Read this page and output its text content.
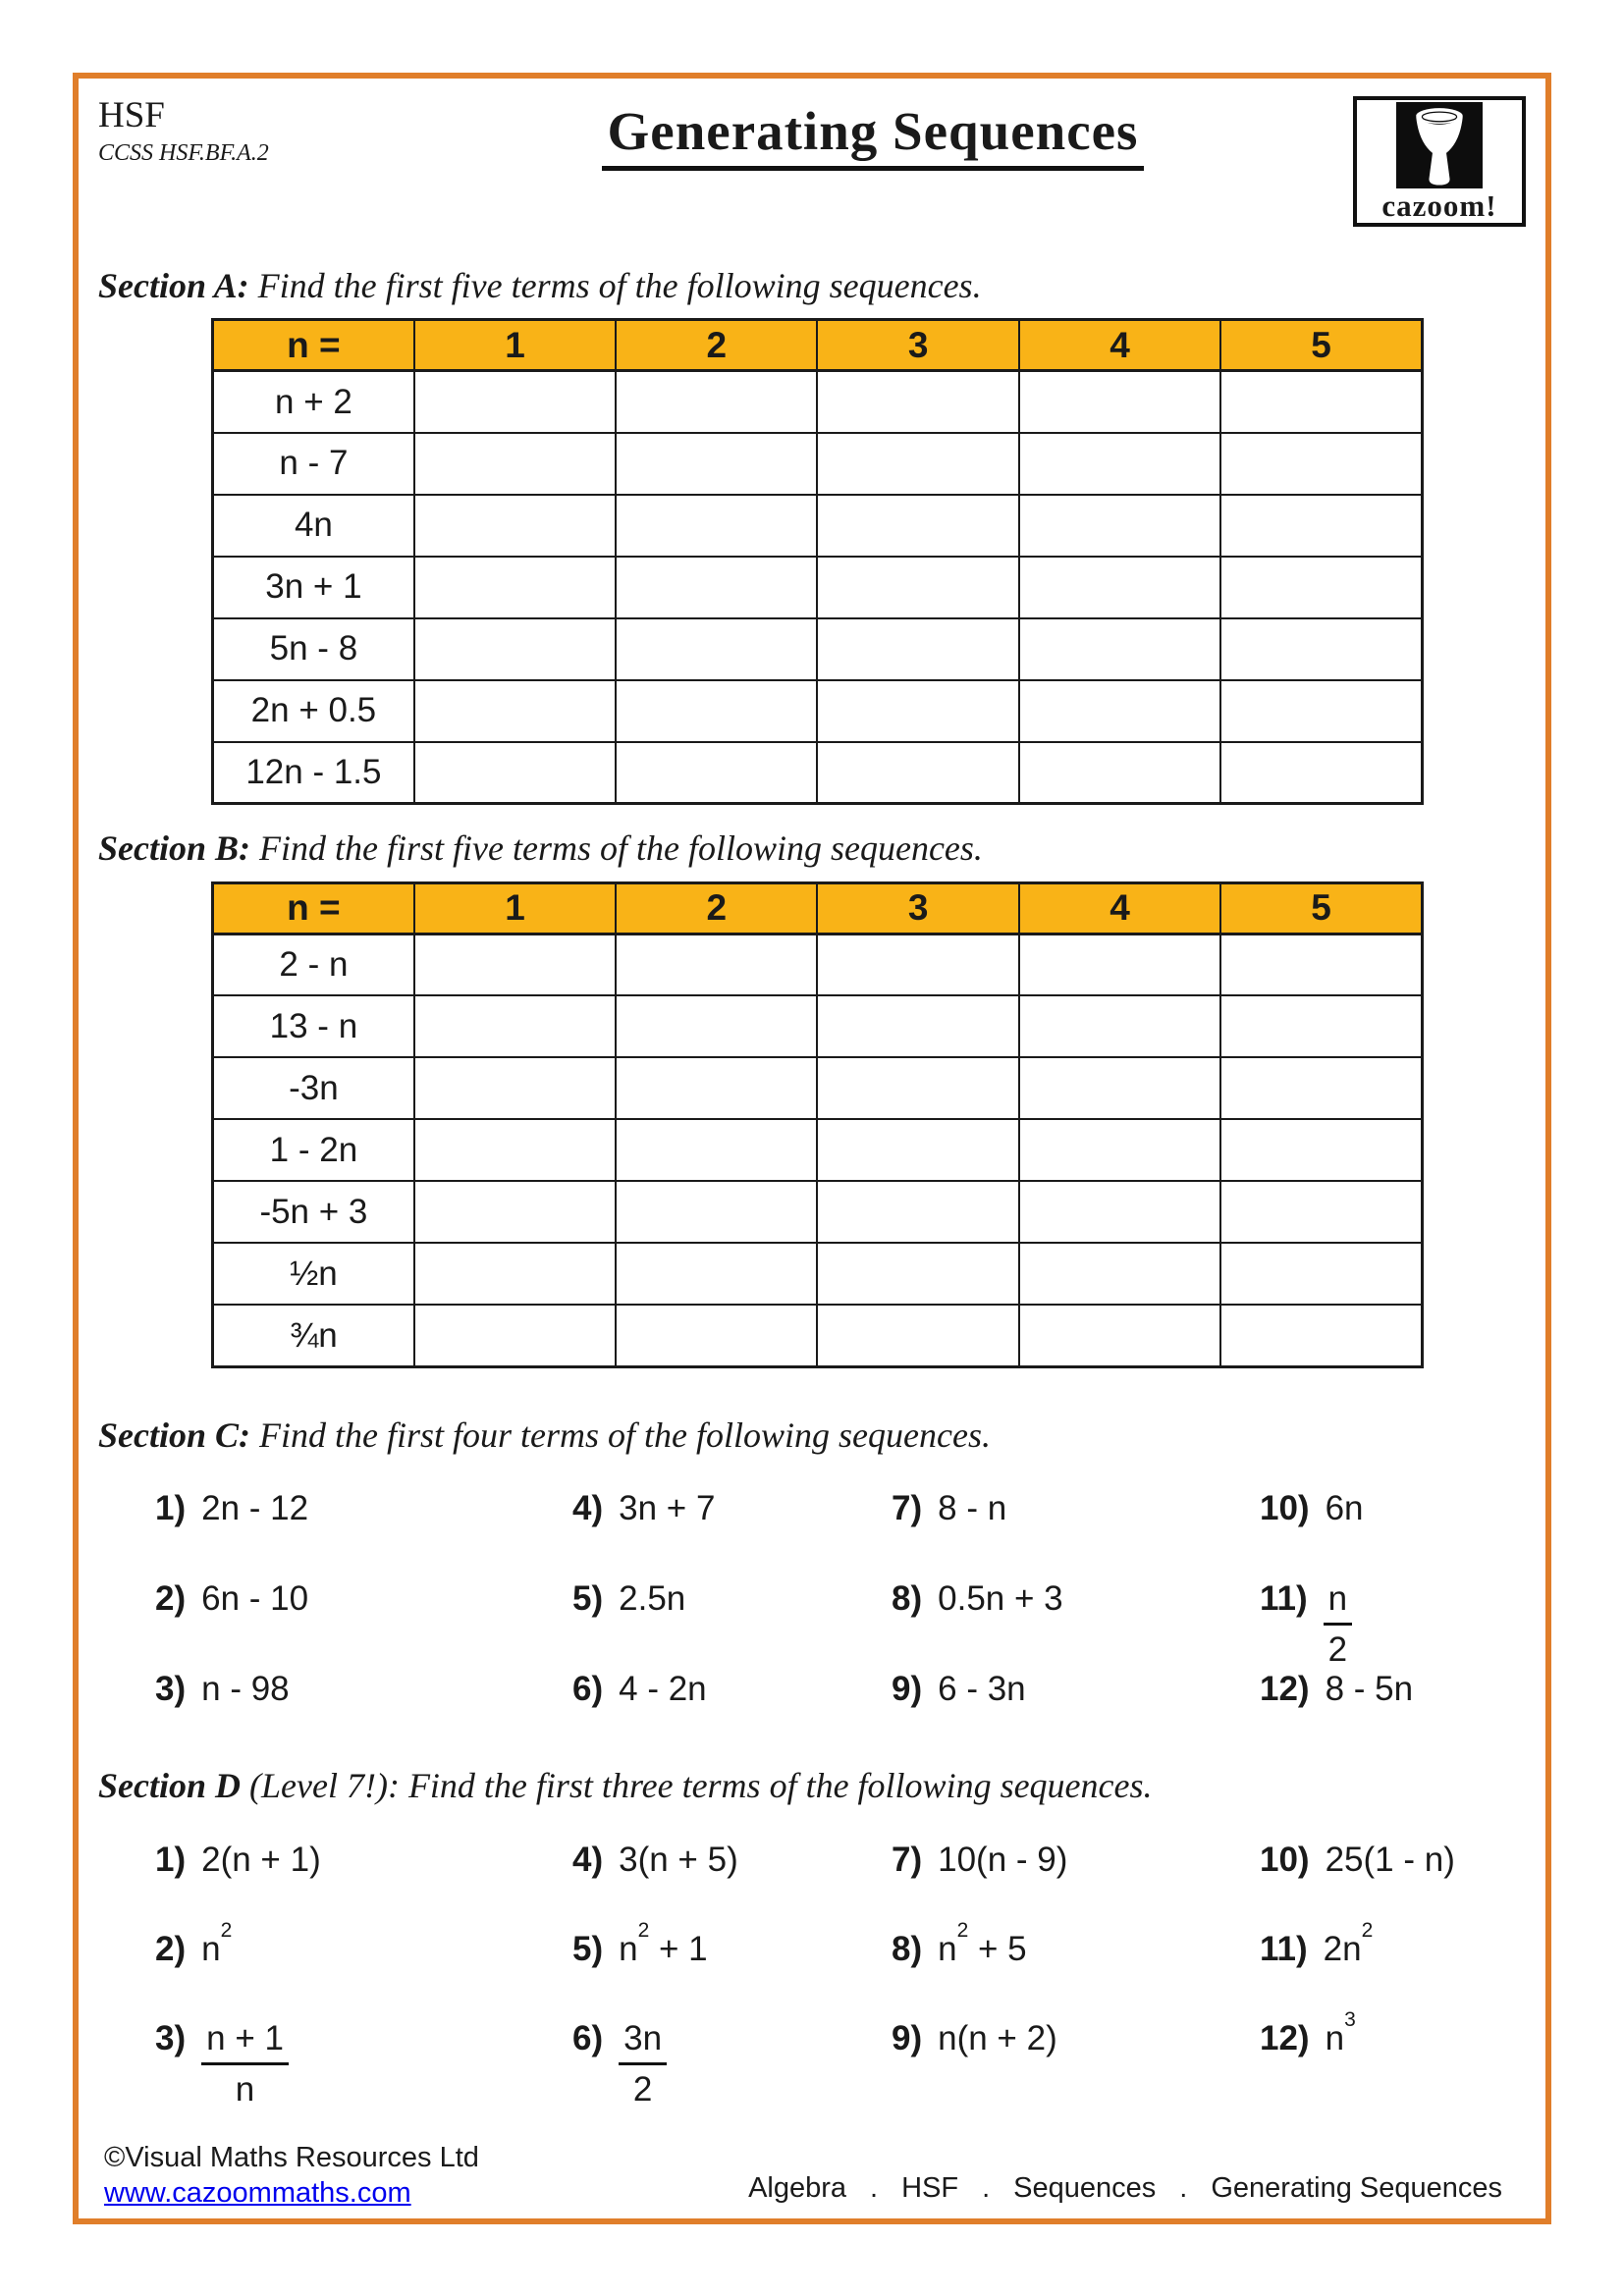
HSF
CCSS HSF.BF.A.2	Generating Sequences
cazoom!

Section A: Find the first five terms of the following sequences.

n =	1	2	3	4	5
n + 2					
n - 7					
4n					
3n + 1					
5n - 8					
2n + 0.5					
12n - 1.5					

Section B: Find the first five terms of the following sequences.

n =	1	2	3	4	5
2 - n					
13 - n					
-3n					
1 - 2n					
-5n + 3					
½n					
¾n					

Section C: Find the first four terms of the following sequences.

1) 2n - 12	4) 3n + 7	7) 8 - n	10) 6n
2) 6n - 10	5) 2.5n	8) 0.5n + 3	$11) \frac{n}{2}$
3) n - 98	6) 4 - 2n	9) 6 - 3n	12) 8 - 5n

Section D (Level 7!): Find the first three terms of the following sequences.

1) 2(n + 1)	4) 3(n + 5)	7) 10(n - 9)	10) 25(1 - n)
2) $n^2$	5) $n^2 + 1$	8) $n^2 + 5$	11) $2n^2$
$3) \frac{n + 1}{n}$	$6) \frac{3n}{2}$	9) n(n + 2)	12) $n^3$
©Visual Maths Resources Ltd
www.cazoommaths.com	Algebra . HSF . Sequences . Generating Sequences
